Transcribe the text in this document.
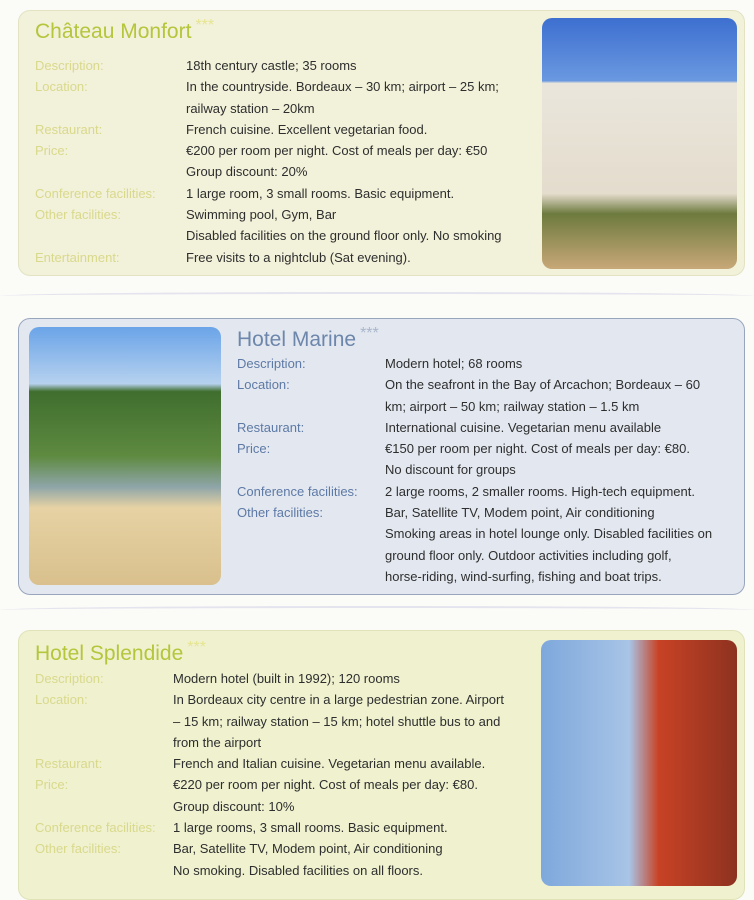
Château Monfort ***
Description:	18th century castle; 35 rooms
Location:	In the countryside. Bordeaux – 30 km; airport – 25 km;
railway station – 20km
Restaurant:	French cuisine. Excellent vegetarian food.
Price:	€200 per room per night. Cost of meals per day: €50
Group discount: 20%
Conference facilities:	1 large room, 3 small rooms. Basic equipment.
Other facilities:	Swimming pool, Gym, Bar
Disabled facilities on the ground floor only. No smoking
Entertainment:	Free visits to a nightclub (Sat evening).
Hotel Marine ***
Description:	Modern hotel; 68 rooms
Location:	On the seafront in the Bay of Arcachon; Bordeaux – 60
km; airport – 50 km; railway station – 1.5 km
Restaurant:	International cuisine. Vegetarian menu available
Price:	€150 per room per night. Cost of meals per day: €80.
No discount for groups
Conference facilities:	2 large rooms, 2 smaller rooms. High-tech equipment.
Other facilities:	Bar, Satellite TV, Modem point, Air conditioning
Smoking areas in hotel lounge only. Disabled facilities on
ground floor only. Outdoor activities including golf,
horse-riding, wind-surfing, fishing and boat trips.
Hotel Splendide ***
Description:	Modern hotel (built in 1992); 120 rooms
Location:	In Bordeaux city centre in a large pedestrian zone. Airport
– 15 km; railway station – 15 km; hotel shuttle bus to and
from the airport
Restaurant:	French and Italian cuisine. Vegetarian menu available.
Price:	€220 per room per night. Cost of meals per day: €80.
Group discount: 10%
Conference facilities:	1 large rooms, 3 small rooms. Basic equipment.
Other facilities:	Bar, Satellite TV, Modem point, Air conditioning
No smoking. Disabled facilities on all floors.
